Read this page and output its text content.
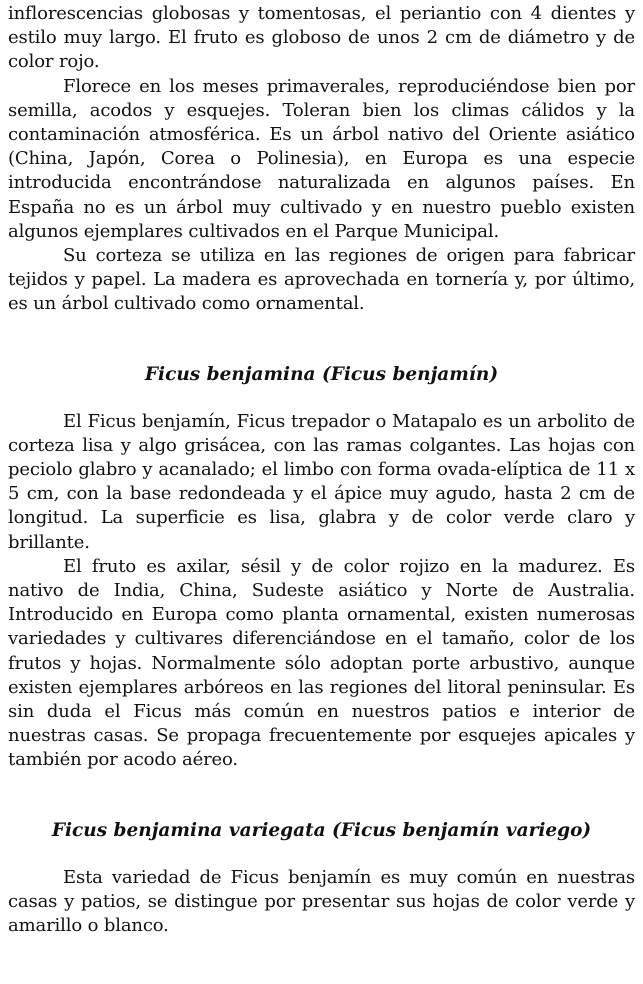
inflorescencias globosas y tomentosas, el periantio con 4 dientes y estilo muy largo. El fruto es globoso de unos 2 cm de diámetro y de color rojo.

Florece en los meses primaverales, reproduciéndose bien por semilla, acodos y esquejes. Toleran bien los climas cálidos y la contaminación atmosférica. Es un árbol nativo del Oriente asiático (China, Japón, Corea o Polinesia), en Europa es una especie introducida encontrándose naturalizada en algunos países. En España no es un árbol muy cultivado y en nuestro pueblo existen algunos ejemplares cultivados en el Parque Municipal.

Su corteza se utiliza en las regiones de origen para fabricar tejidos y papel. La madera es aprovechada en tornería y, por último, es un árbol cultivado como ornamental.

Ficus benjamina (Ficus benjamín)

El Ficus benjamín, Ficus trepador o Matapalo es un arbolito de corteza lisa y algo grisácea, con las ramas colgantes. Las hojas con peciolo glabro y acanalado; el limbo con forma ovada-elíptica de 11 x 5 cm, con la base redondeada y el ápice muy agudo, hasta 2 cm de longitud. La superficie es lisa, glabra y de color verde claro y brillante.

El fruto es axilar, sésil y de color rojizo en la madurez. Es nativo de India, China, Sudeste asiático y Norte de Australia. Introducido en Europa como planta ornamental, existen numerosas variedades y cultivares diferenciándose en el tamaño, color de los frutos y hojas. Normalmente sólo adoptan porte arbustivo, aunque existen ejemplares arbóreos en las regiones del litoral peninsular. Es sin duda el Ficus más común en nuestros patios e interior de nuestras casas. Se propaga frecuentemente por esquejes apicales y también por acodo aéreo.

Ficus benjamina variegata (Ficus benjamín variego)

Esta variedad de Ficus benjamín es muy común en nuestras casas y patios, se distingue por presentar sus hojas de color verde y amarillo o blanco.
